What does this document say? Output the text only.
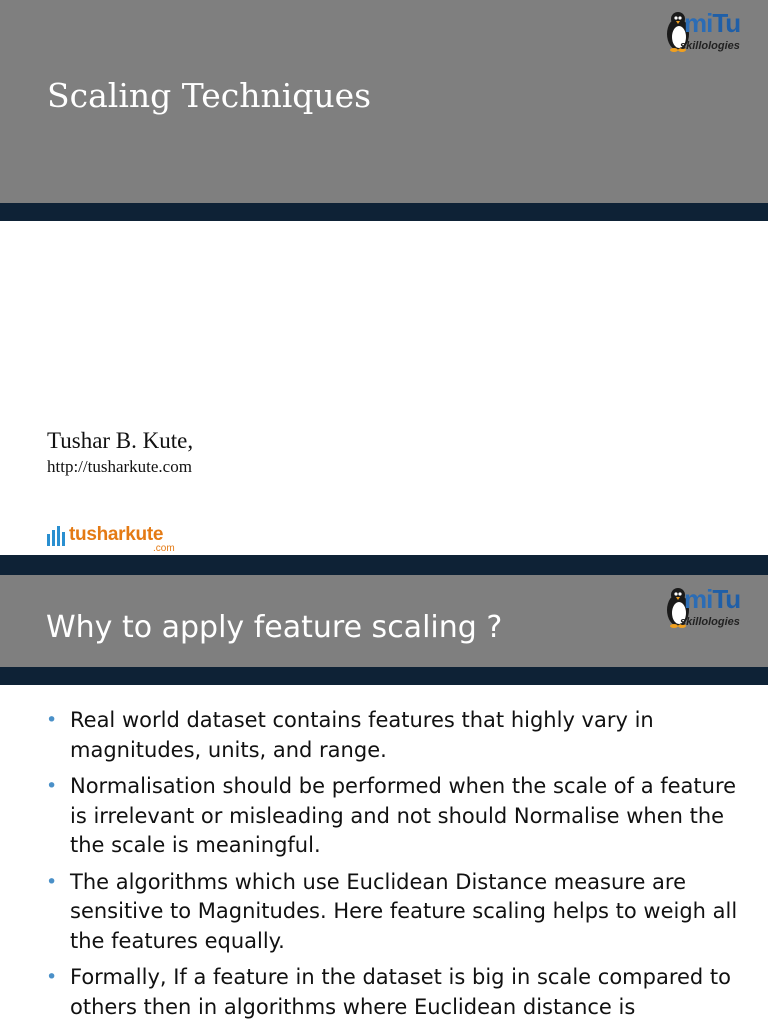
Scaling Techniques
miTu
skillologies

Tushar B. Kute,

http://tusharkute.com

tusharkute
.com
Why to apply feature scaling ?
miTu
skillologies
• Real world dataset contains features that highly vary in magnitudes, units, and range.
• Normalisation should be performed when the scale of a feature is irrelevant or misleading and not should Normalise when the the scale is meaningful.
• The algorithms which use Euclidean Distance measure are sensitive to Magnitudes. Here feature scaling helps to weigh all the features equally.
• Formally, If a feature in the dataset is big in scale compared to others then in algorithms where Euclidean distance is
